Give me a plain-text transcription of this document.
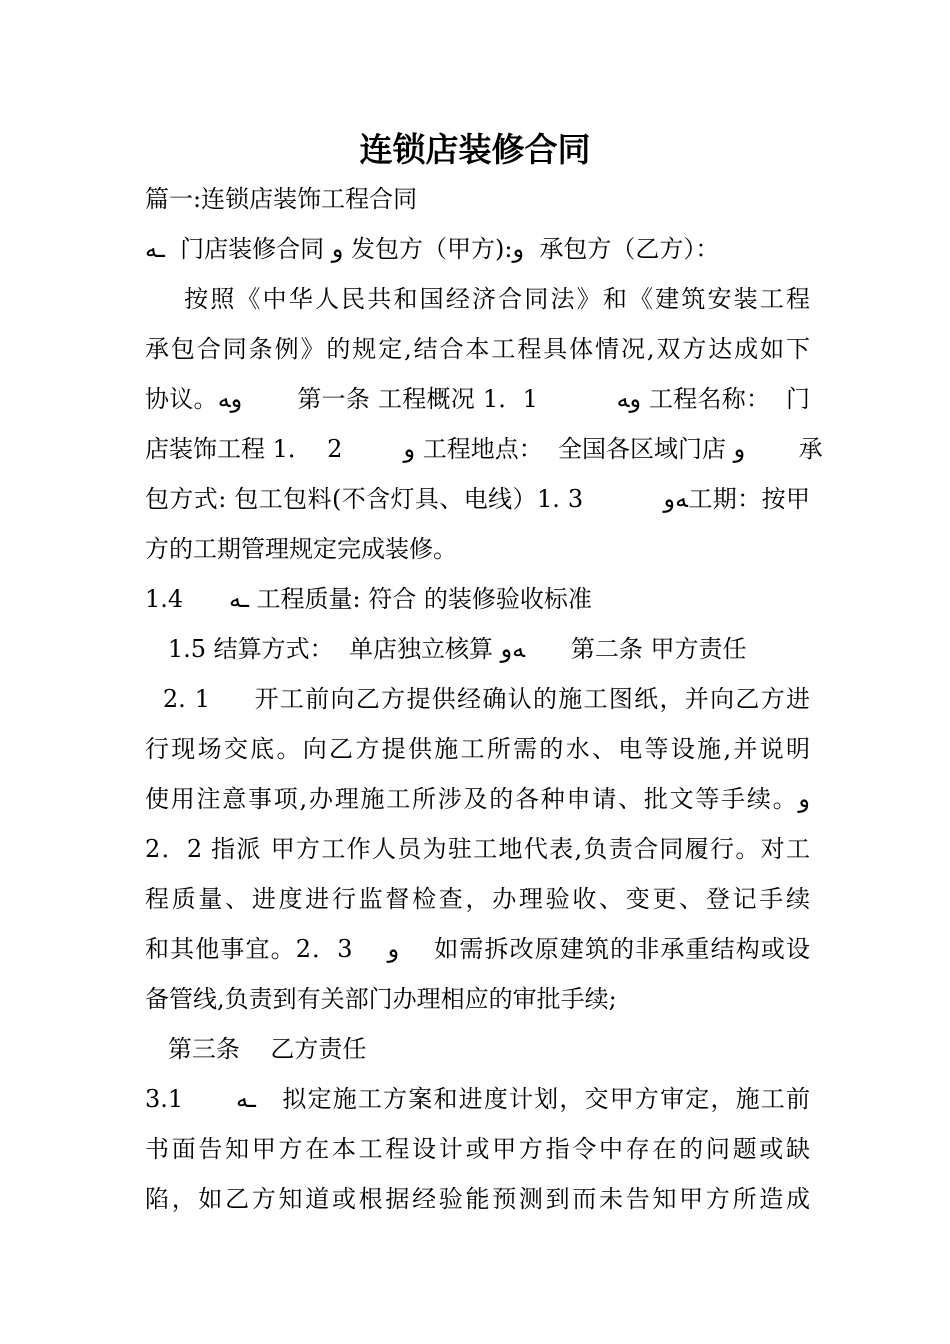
连锁店装修合同
篇一:连锁店装饰工程合同
ـﻪ  门店装修合同 ﻭ 发包方（甲方):ﻭ  承包方（乙方）：
按照《中华人民共和国经济合同法》和《建筑安装工程
承包合同条例》的规定,结合本工程具体情况,双方达成如下
协议。ﻭﻪ       第一条 工程概况 1．1          ﻭﻪ 工程名称：  门
店装饰工程 1．  2        ﻭ 工程地点：  全国各区域门店 ﻭ       承
包方式: 包工包料(不含灯具、电线）1. 3          ﻪﻭ工期：按甲
方的工期管理规定完成装修。
1.4      ـﻪ 工程质量: 符合 的装修验收标准
1.5 结算方式：  单店独立核算 ﻪﻭ      第二条 甲方责任
2. 1     开工前向乙方提供经确认的施工图纸，并向乙方进
行现场交底。向乙方提供施工所需的水、电等设施,并说明
使用注意事项,办理施工所涉及的各种申请、批文等手续。ﻭ
2．2 指派 甲方工作人员为驻工地代表,负责合同履行。对工
程质量、进度进行监督检查，办理验收、变更、登记手续
和其他事宜。2．3    ﻭ    如需拆改原建筑的非承重结构或设
备管线,负责到有关部门办理相应的审批手续;
第三条    乙方责任
3.1      ـﻪ   拟定施工方案和进度计划，交甲方审定，施工前
书面告知甲方在本工程设计或甲方指令中存在的问题或缺
陷，如乙方知道或根据经验能预测到而未告知甲方所造成
